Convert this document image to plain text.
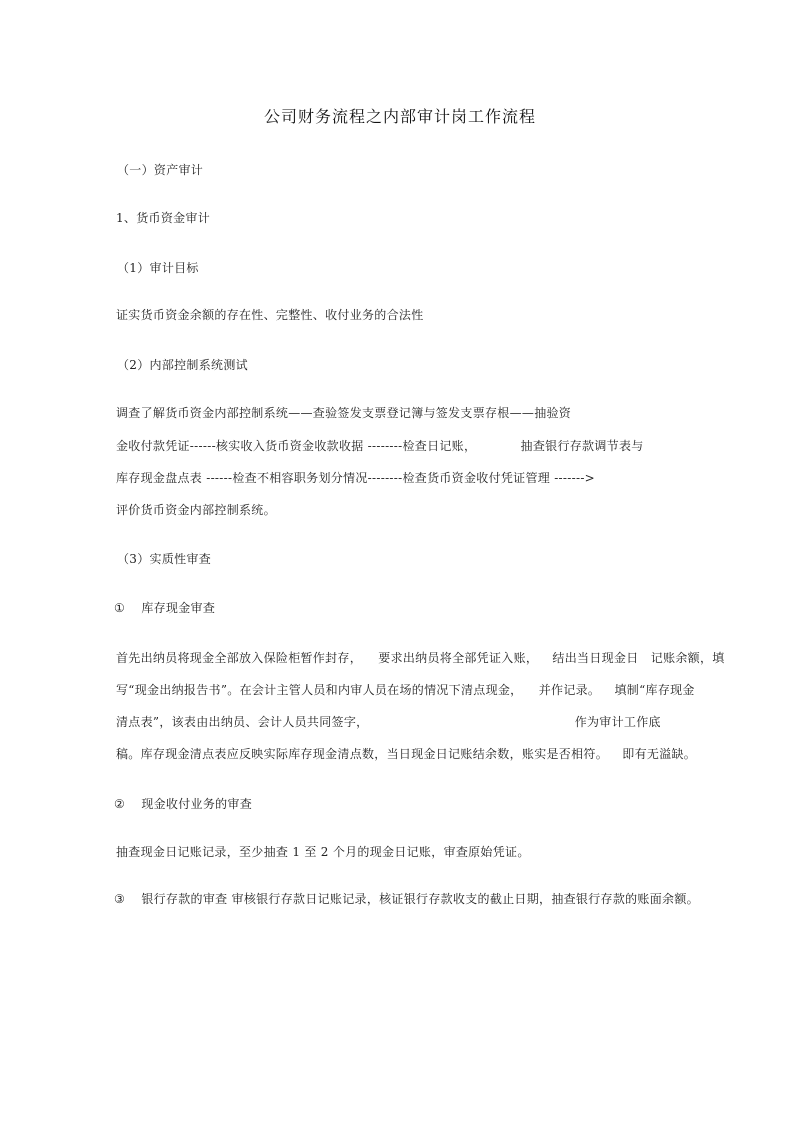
公司财务流程之内部审计岗工作流程
（一）资产审计
1、货币资金审计
（1）审计目标
证实货币资金余额的存在性、完整性、收付业务的合法性
（2）内部控制系统测试
调查了解货币资金内部控制系统——查验签发支票登记簿与签发支票存根——抽验资
金收付款凭证------核实收入货币资金收款收据 --------检查日记账，	抽查银行存款调节表与
库存现金盘点表 ------检查不相容职务划分情况--------检查货币资金收付凭证管理 ------->
评价货币资金内部控制系统。
（3）实质性审查
① 库存现金审查
首先出纳员将现金全部放入保险柜暂作封存， 要求出纳员将全部凭证入账， 结出当日现金日 记账余额，填
写“现金出纳报告书”。在会计主管人员和内审人员在场的情况下清点现金， 并作记录。 填制“库存现金
清点表”，该表由出纳员、会计人员共同签字，	作为审计工作底
稿。库存现金清点表应反映实际库存现金清点数，当日现金日记账结余数，账实是否相符。 即有无溢缺。
② 现金收付业务的审查
抽查现金日记账记录，至少抽查 1 至 2 个月的现金日记账，审查原始凭证。
③ 银行存款的审查 审核银行存款日记账记录，核证银行存款收支的截止日期，抽查银行存款的账面余额。
